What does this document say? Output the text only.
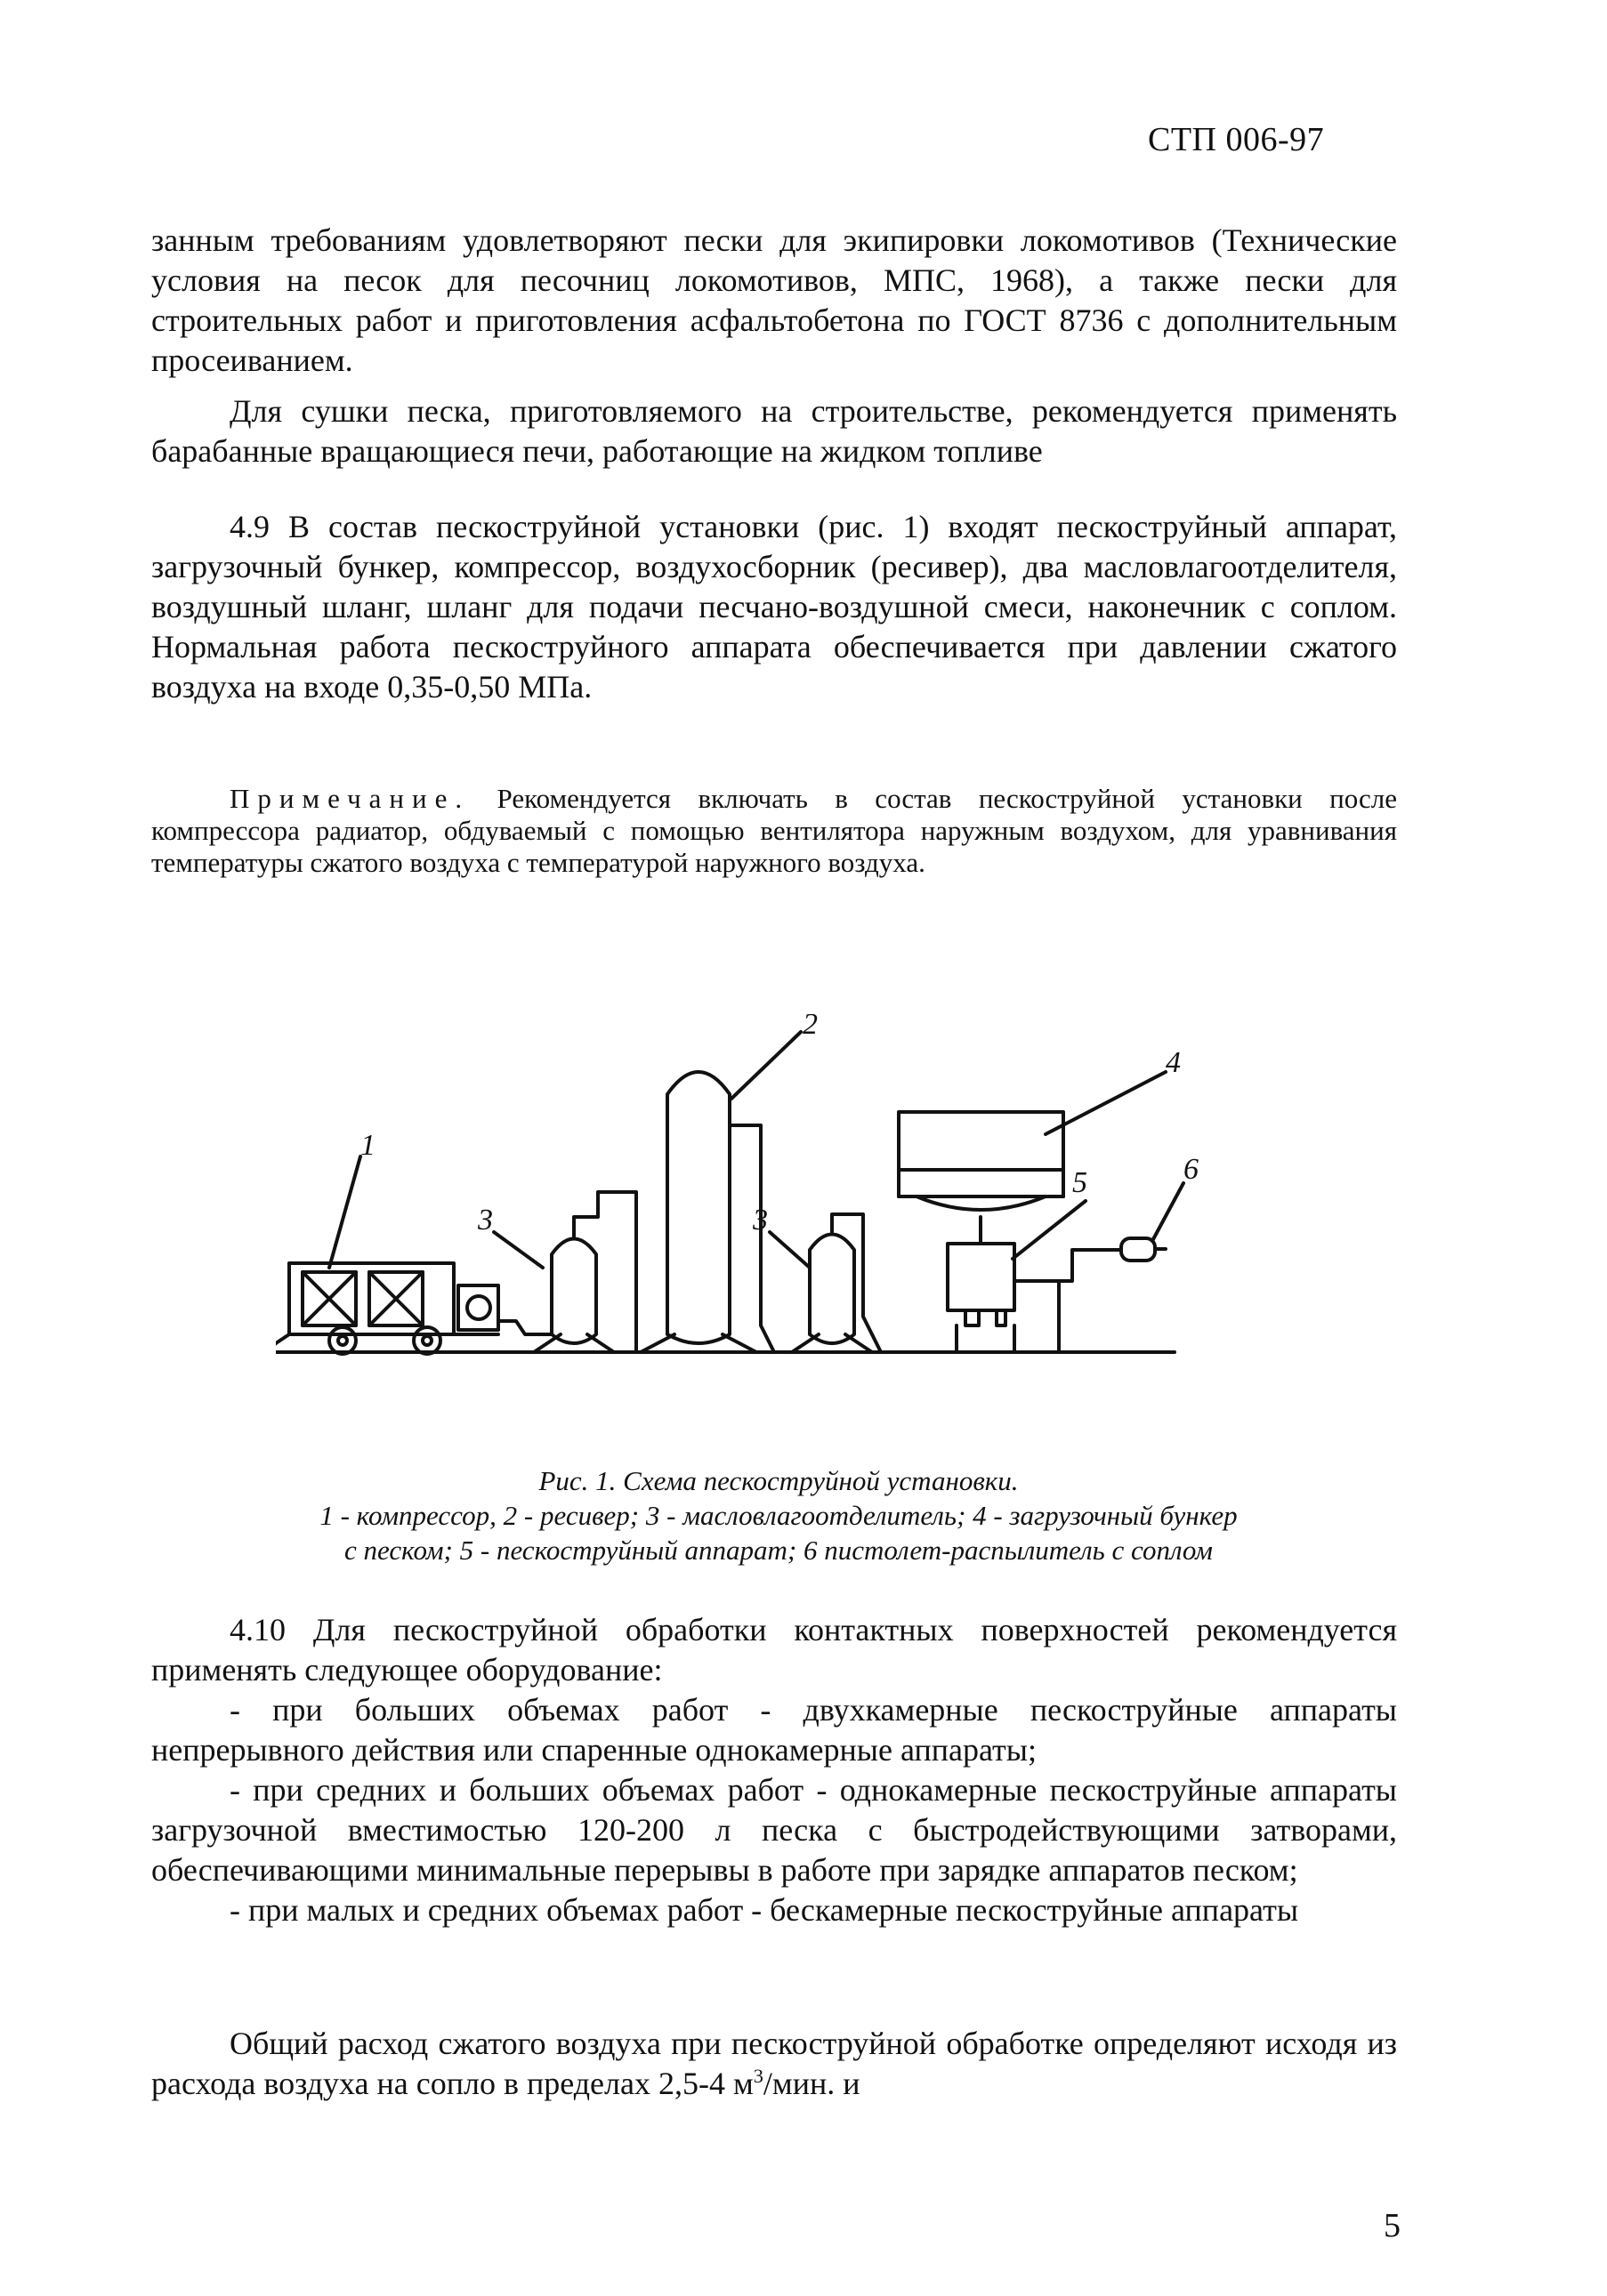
СТП 006-97

занным требованиям удовлетворяют пески для экипировки локомотивов (Технические условия на песок для песочниц локомотивов, МПС, 1968), а также пески для строительных работ и приготовления асфальтобетона по ГОСТ 8736 с дополнительным просеиванием.

Для сушки песка, приготовляемого на строительстве, рекомендуется применять барабанные вращающиеся печи, работающие на жидком топливе

4.9 В состав пескоструйной установки (рис. 1) входят пескоструйный аппарат, загрузочный бункер, компрессор, воздухосборник (ресивер), два масловлагоотделителя, воздушный шланг, шланг для подачи песчано-воздушной смеси, наконечник с соплом. Нормальная работа пескоструйного аппарата обеспечивается при давлении сжатого воздуха на входе 0,35-0,50 МПа.

Примечание. Рекомендуется включать в состав пескоструйной установки после компрессора радиатор, обдуваемый с помощью вентилятора наружным воздухом, для уравнивания температуры сжатого воздуха с температурой наружного воздуха.

1
2
3	3
4
5	6
Рис. 1. Схема пескоструйной установки.
1 - компрессор, 2 - ресивер; 3 - масловлагоотделитель; 4 - загрузочный бункер
с песком; 5 - пескоструйный аппарат; 6 пистолет-распылитель с соплом

4.10 Для пескоструйной обработки контактных поверхностей рекомендуется применять следующее оборудование:

- при больших объемах работ - двухкамерные пескоструйные аппараты непрерывного действия или спаренные однокамерные аппараты;

- при средних и больших объемах работ - однокамерные пескоструйные аппараты загрузочной вместимостью 120-200 л песка с быстродействующими затворами, обеспечивающими минимальные перерывы в работе при зарядке аппаратов песком;

- при малых и средних объемах работ - бескамерные пескоструйные аппараты

Общий расход сжатого воздуха при пескоструйной обработке определяют исходя из расхода воздуха на сопло в пределах 2,5-4 $м^3$/мин. и

5
